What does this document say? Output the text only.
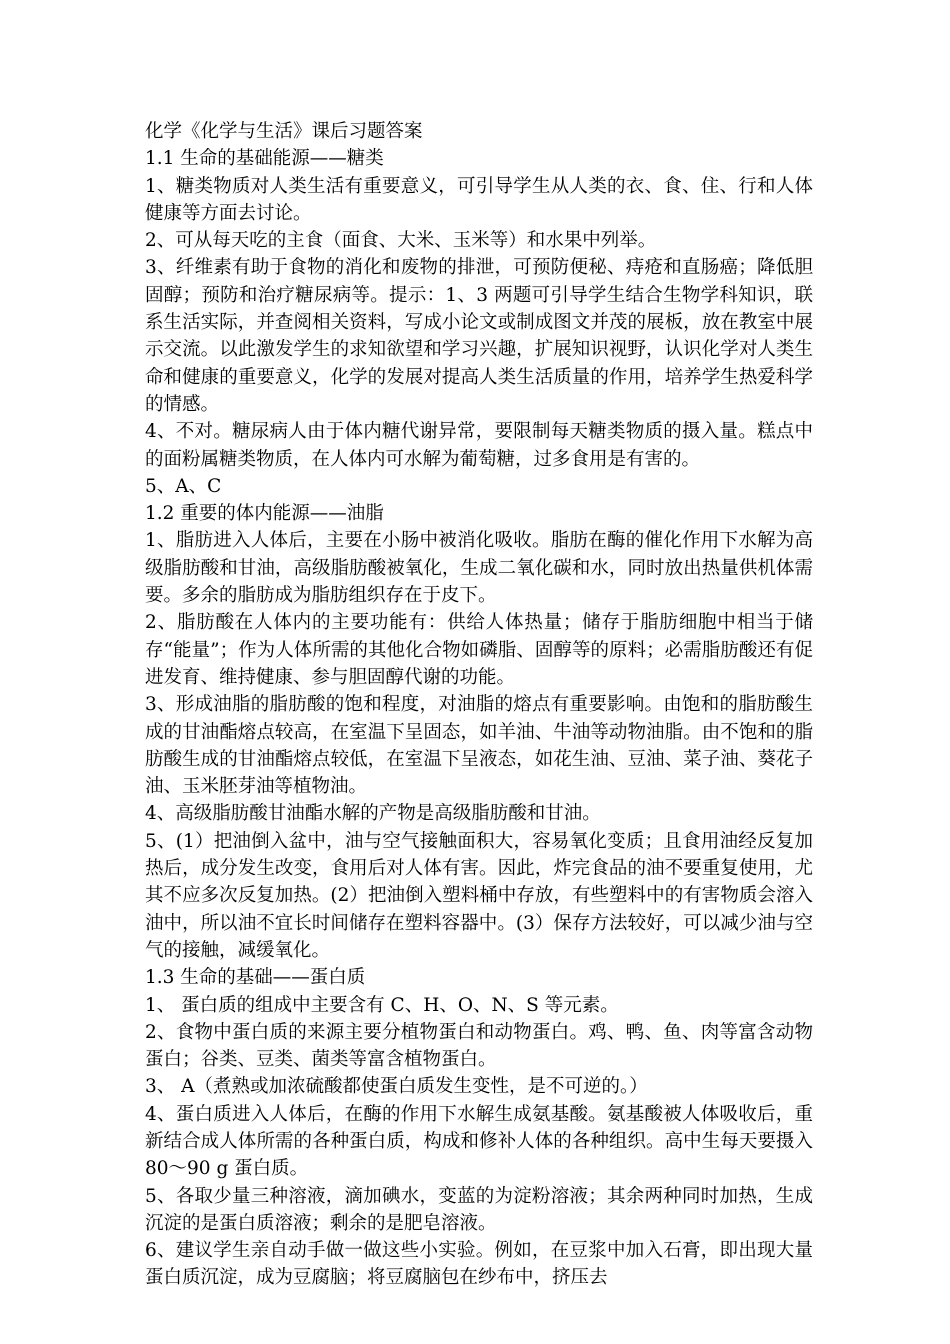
化学《化学与生活》课后习题答案
1.1 生命的基础能源——糖类
1、糖类物质对人类生活有重要意义，可引导学生从人类的衣、食、住、行和人体健康等方面去讨论。
2、可从每天吃的主食（面食、大米、玉米等）和水果中列举。
3、纤维素有助于食物的消化和废物的排泄，可预防便秘、痔疮和直肠癌；降低胆固醇；预防和治疗糖尿病等。提示：1、3 两题可引导学生结合生物学科知识，联系生活实际，并查阅相关资料，写成小论文或制成图文并茂的展板，放在教室中展示交流。以此激发学生的求知欲望和学习兴趣，扩展知识视野，认识化学对人类生命和健康的重要意义，化学的发展对提高人类生活质量的作用，培养学生热爱科学的情感。
4、不对。糖尿病人由于体内糖代谢异常，要限制每天糖类物质的摄入量。糕点中的面粉属糖类物质，在人体内可水解为葡萄糖，过多食用是有害的。
5、A、C
1.2 重要的体内能源——油脂
1、脂肪进入人体后，主要在小肠中被消化吸收。脂肪在酶的催化作用下水解为高级脂肪酸和甘油，高级脂肪酸被氧化，生成二氧化碳和水，同时放出热量供机体需要。多余的脂肪成为脂肪组织存在于皮下。
2、脂肪酸在人体内的主要功能有：供给人体热量；储存于脂肪细胞中相当于储存“能量”；作为人体所需的其他化合物如磷脂、固醇等的原料；必需脂肪酸还有促进发育、维持健康、参与胆固醇代谢的功能。
3、形成油脂的脂肪酸的饱和程度，对油脂的熔点有重要影响。由饱和的脂肪酸生成的甘油酯熔点较高，在室温下呈固态，如羊油、牛油等动物油脂。由不饱和的脂肪酸生成的甘油酯熔点较低，在室温下呈液态，如花生油、豆油、菜子油、葵花子油、玉米胚芽油等植物油。
4、高级脂肪酸甘油酯水解的产物是高级脂肪酸和甘油。
5、(1）把油倒入盆中，油与空气接触面积大，容易氧化变质；且食用油经反复加热后，成分发生改变，食用后对人体有害。因此，炸完食品的油不要重复使用，尤其不应多次反复加热。(2）把油倒入塑料桶中存放，有些塑料中的有害物质会溶入油中，所以油不宜长时间储存在塑料容器中。(3）保存方法较好，可以减少油与空气的接触，减缓氧化。
1.3 生命的基础——蛋白质
1、 蛋白质的组成中主要含有 C、H、O、N、S 等元素。
2、食物中蛋白质的来源主要分植物蛋白和动物蛋白。鸡、鸭、鱼、肉等富含动物蛋白；谷类、豆类、菌类等富含植物蛋白。
3、 A（煮熟或加浓硫酸都使蛋白质发生变性，是不可逆的。）
4、蛋白质进入人体后，在酶的作用下水解生成氨基酸。氨基酸被人体吸收后，重新结合成人体所需的各种蛋白质，构成和修补人体的各种组织。高中生每天要摄入 80～90 g 蛋白质。
5、各取少量三种溶液，滴加碘水，变蓝的为淀粉溶液；其余两种同时加热，生成沉淀的是蛋白质溶液；剩余的是肥皂溶液。
6、建议学生亲自动手做一做这些小实验。例如，在豆浆中加入石膏，即出现大量蛋白质沉淀，成为豆腐脑；将豆腐脑包在纱布中，挤压去
